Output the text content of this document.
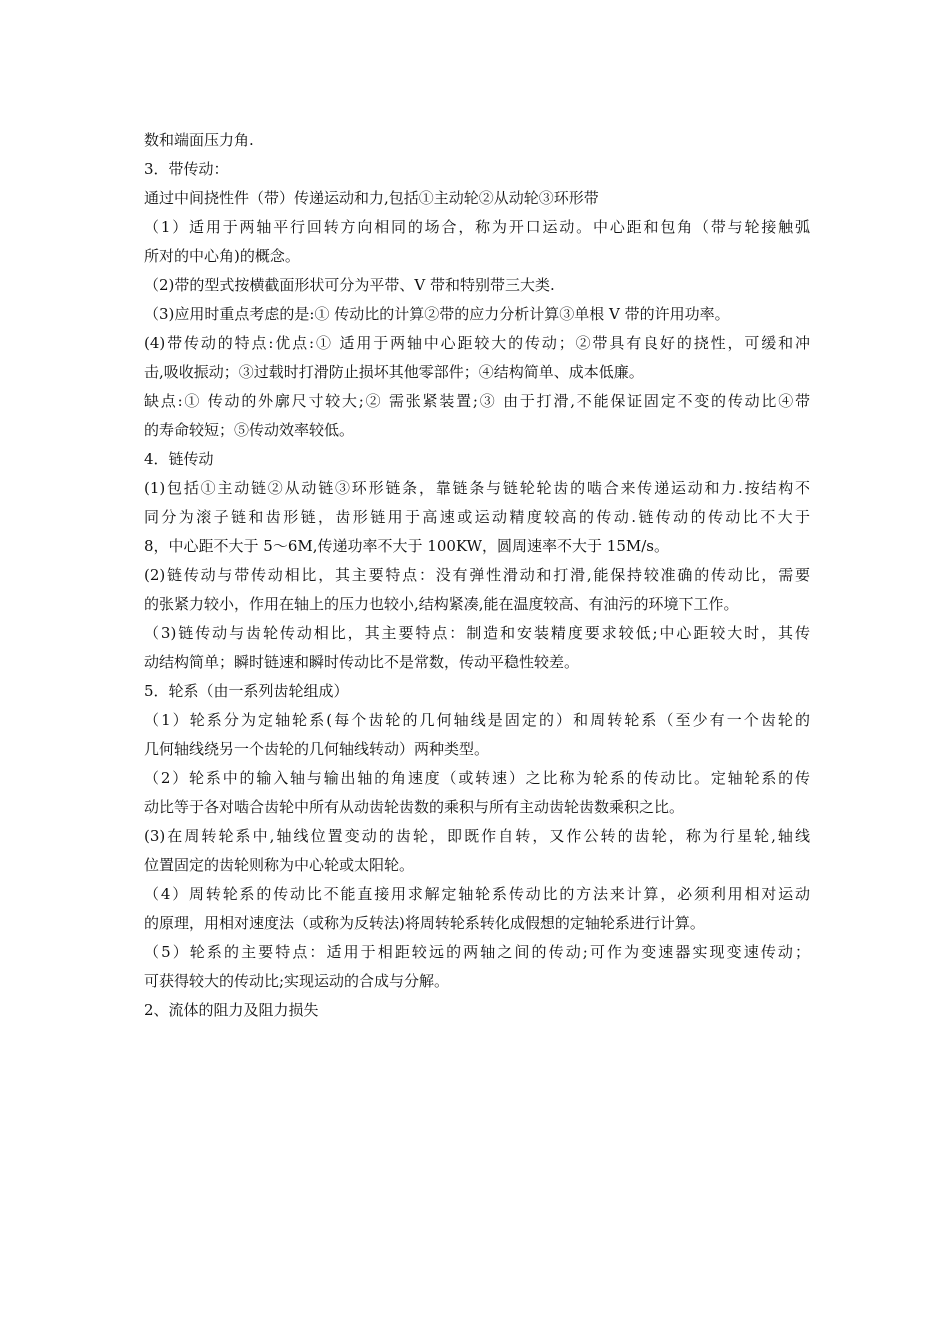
数和端面压力角.
3．带传动：
通过中间挠性件（带）传递运动和力,包括①主动轮②从动轮③环形带
（1）适用于两轴平行回转方向相同的场合，称为开口运动。中心距和包角（带与轮接触弧
所对的中心角)的概念。
（2)带的型式按横截面形状可分为平带、V 带和特别带三大类.
（3)应用时重点考虑的是:① 传动比的计算②带的应力分析计算③单根 V 带的许用功率。
(4)带传动的特点:优点:① 适用于两轴中心距较大的传动；②带具有良好的挠性，可缓和冲
击,吸收振动；③过载时打滑防止损坏其他零部件；④结构简单、成本低廉。
缺点:① 传动的外廓尺寸较大;② 需张紧装置;③ 由于打滑,不能保证固定不变的传动比④带
的寿命较短；⑤传动效率较低。
4．链传动
(1)包括①主动链②从动链③环形链条，靠链条与链轮轮齿的啮合来传递运动和力.按结构不
同分为滚子链和齿形链，齿形链用于高速或运动精度较高的传动.链传动的传动比不大于
8，中心距不大于 5～6M,传递功率不大于 100KW，圆周速率不大于 15M/s。
(2)链传动与带传动相比，其主要特点：没有弹性滑动和打滑,能保持较准确的传动比，需要
的张紧力较小，作用在轴上的压力也较小,结构紧凑,能在温度较高、有油污的环境下工作。
（3)链传动与齿轮传动相比，其主要特点：制造和安装精度要求较低;中心距较大时，其传
动结构简单；瞬时链速和瞬时传动比不是常数，传动平稳性较差。
5．轮系（由一系列齿轮组成）
（1）轮系分为定轴轮系(每个齿轮的几何轴线是固定的）和周转轮系（至少有一个齿轮的
几何轴线绕另一个齿轮的几何轴线转动）两种类型。
（2）轮系中的输入轴与输出轴的角速度（或转速）之比称为轮系的传动比。定轴轮系的传
动比等于各对啮合齿轮中所有从动齿轮齿数的乘积与所有主动齿轮齿数乘积之比。
(3)在周转轮系中,轴线位置变动的齿轮，即既作自转，又作公转的齿轮，称为行星轮,轴线
位置固定的齿轮则称为中心轮或太阳轮。
（4）周转轮系的传动比不能直接用求解定轴轮系传动比的方法来计算，必须利用相对运动
的原理，用相对速度法（或称为反转法)将周转轮系转化成假想的定轴轮系进行计算。
（5）轮系的主要特点：适用于相距较远的两轴之间的传动;可作为变速器实现变速传动；
可获得较大的传动比;实现运动的合成与分解。
2、流体的阻力及阻力损失
